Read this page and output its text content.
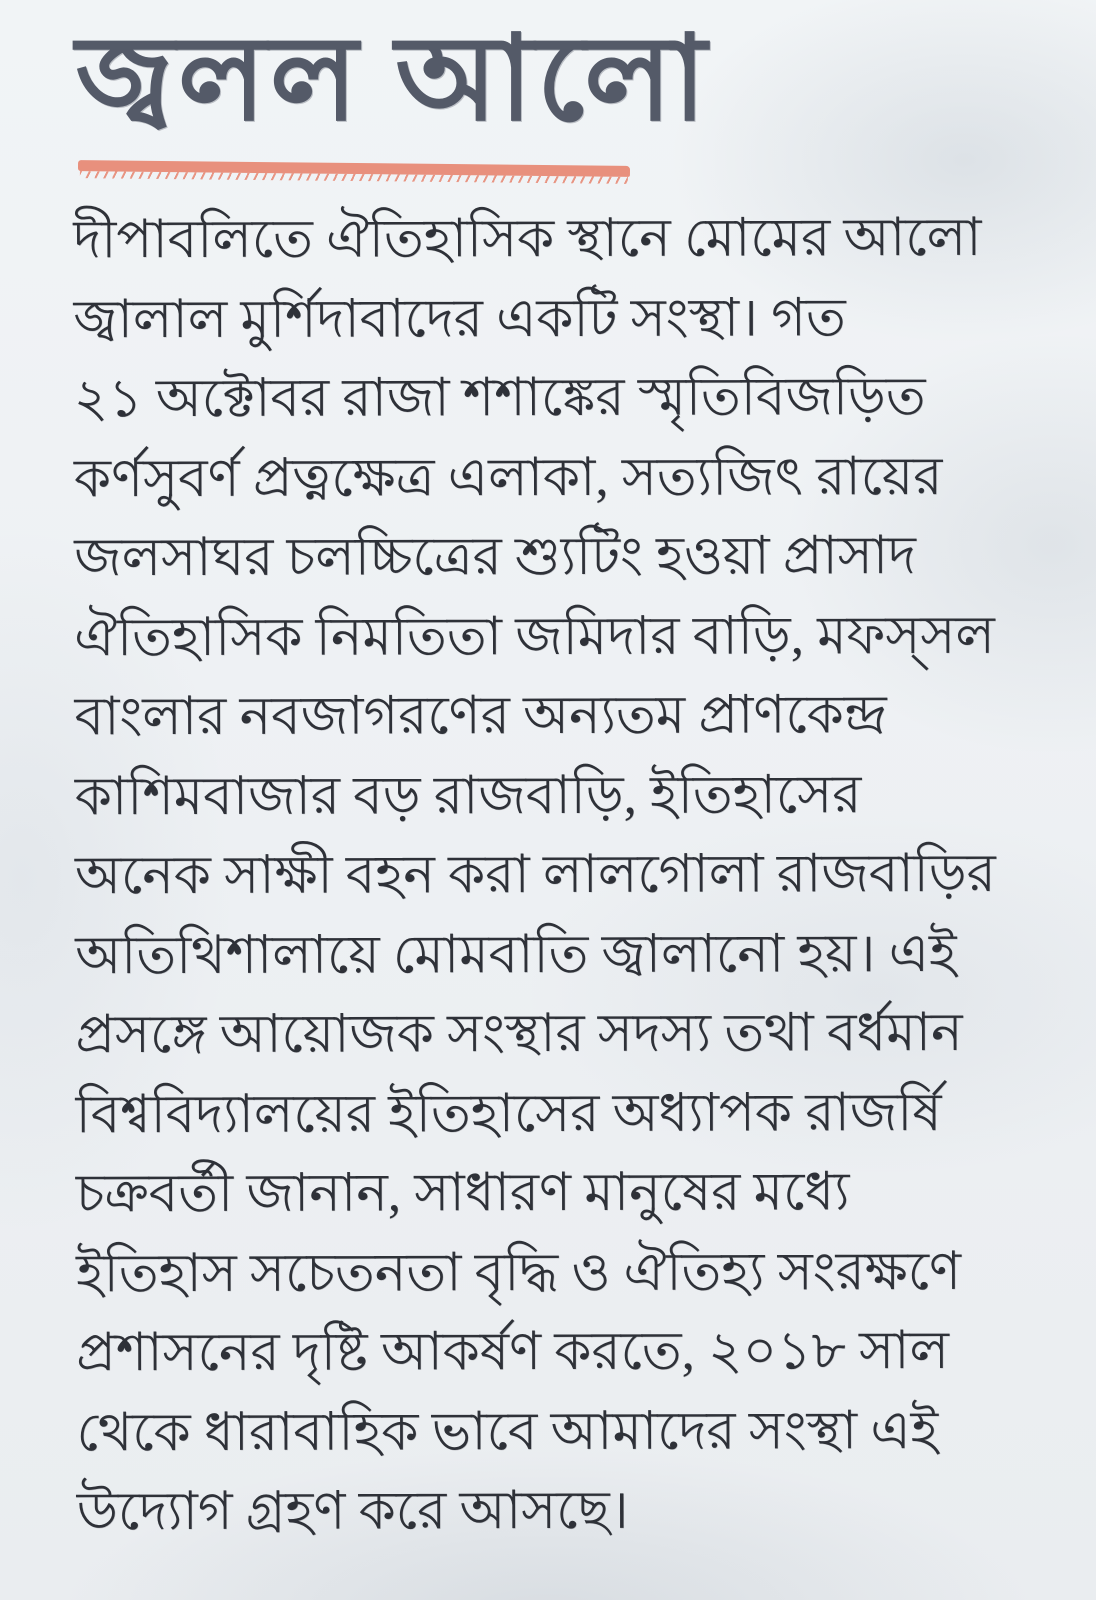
জ্বলল আলো
দীপাবলিতে ঐতিহাসিক স্থানে মোমের আলো
জ্বালাল মুর্শিদাবাদের একটি সংস্থা। গত
২১ অক্টোবর রাজা শশাঙ্কের স্মৃতিবিজড়িত
কর্ণসুবর্ণ প্রত্নক্ষেত্র এলাকা, সত্যজিৎ রায়ের
জলসাঘর চলচ্চিত্রের শ্যুটিং হওয়া প্রাসাদ
ঐতিহাসিক নিমতিতা জমিদার বাড়ি, মফস্‌সল
বাংলার নবজাগরণের অন্যতম প্রাণকেন্দ্র
কাশিমবাজার বড় রাজবাড়ি, ইতিহাসের
অনেক সাক্ষী বহন করা লালগোলা রাজবাড়ির
অতিথিশালায়ে মোমবাতি জ্বালানো হয়। এই
প্রসঙ্গে আয়োজক সংস্থার সদস্য তথা বর্ধমান
বিশ্ববিদ্যালয়ের ইতিহাসের অধ্যাপক রাজর্ষি
চক্রবর্তী জানান, সাধারণ মানুষের মধ্যে
ইতিহাস সচেতনতা বৃদ্ধি ও ঐতিহ্য সংরক্ষণে
প্রশাসনের দৃষ্টি আকর্ষণ করতে, ২০১৮ সাল
থেকে ধারাবাহিক ভাবে আমাদের সংস্থা এই
উদ্যোগ গ্রহণ করে আসছে।
